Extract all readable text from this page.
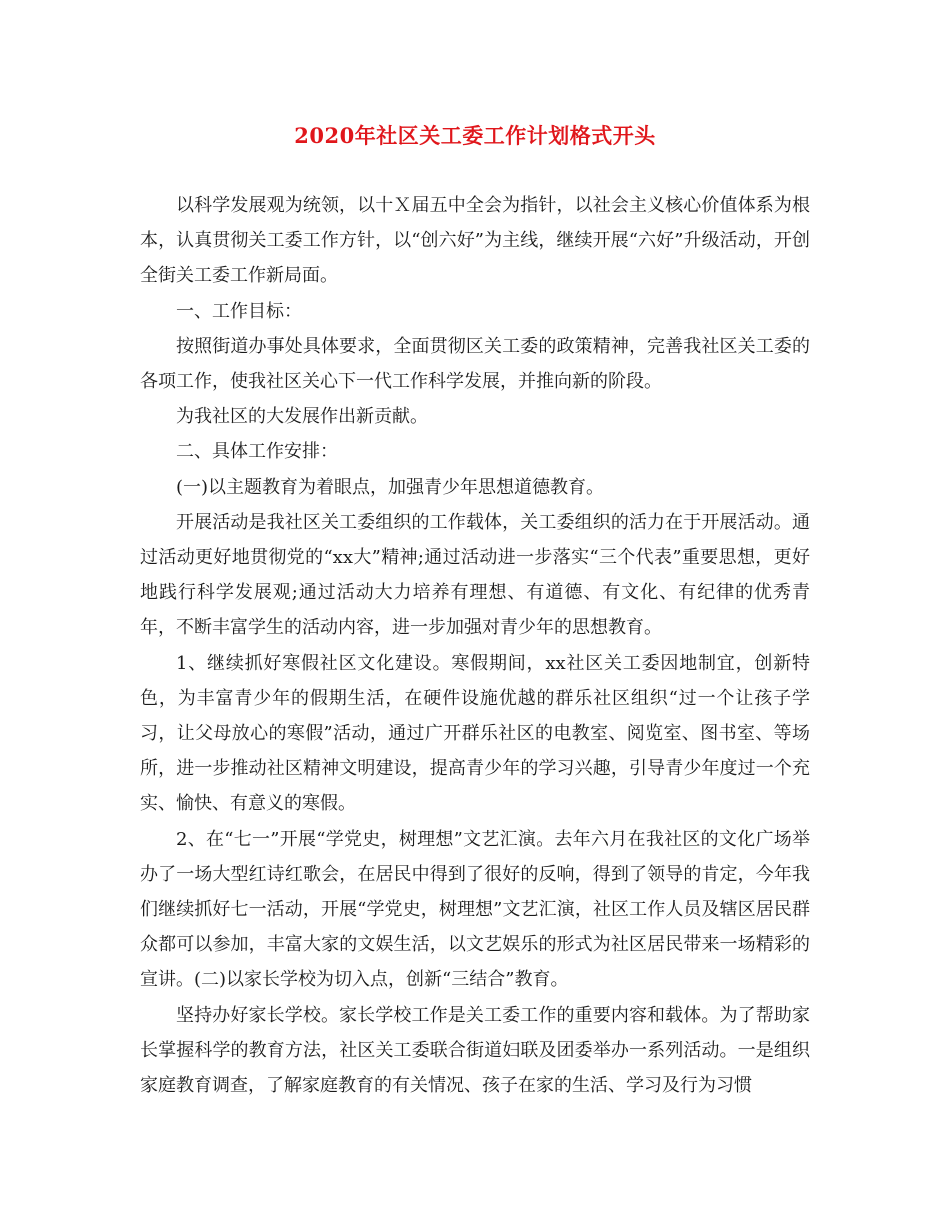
2020年社区关工委工作计划格式开头

以科学发展观为统领，以十Ｘ届五中全会为指针，以社会主义核心价值体系为根本，认真贯彻关工委工作方针，以“创六好”为主线，继续开展“六好”升级活动，开创全街关工委工作新局面。

一、工作目标：

按照街道办事处具体要求，全面贯彻区关工委的政策精神，完善我社区关工委的各项工作，使我社区关心下一代工作科学发展，并推向新的阶段。

为我社区的大发展作出新贡献。

二、具体工作安排：

(一)以主题教育为着眼点，加强青少年思想道德教育。

开展活动是我社区关工委组织的工作载体，关工委组织的活力在于开展活动。通过活动更好地贯彻党的“xx大”精神;通过活动进一步落实“三个代表”重要思想，更好地践行科学发展观;通过活动大力培养有理想、有道德、有文化、有纪律的优秀青年，不断丰富学生的活动内容，进一步加强对青少年的思想教育。

1、继续抓好寒假社区文化建设。寒假期间，xx社区关工委因地制宜，创新特色，为丰富青少年的假期生活，在硬件设施优越的群乐社区组织“过一个让孩子学习，让父母放心的寒假”活动，通过广开群乐社区的电教室、阅览室、图书室、等场所，进一步推动社区精神文明建设，提高青少年的学习兴趣，引导青少年度过一个充实、愉快、有意义的寒假。

2、在“七一”开展“学党史，树理想”文艺汇演。去年六月在我社区的文化广场举办了一场大型红诗红歌会，在居民中得到了很好的反响，得到了领导的肯定，今年我们继续抓好七一活动，开展“学党史，树理想”文艺汇演，社区工作人员及辖区居民群众都可以参加，丰富大家的文娱生活，以文艺娱乐的形式为社区居民带来一场精彩的宣讲。(二)以家长学校为切入点，创新“三结合”教育。

坚持办好家长学校。家长学校工作是关工委工作的重要内容和载体。为了帮助家长掌握科学的教育方法，社区关工委联合街道妇联及团委举办一系列活动。一是组织家庭教育调查，了解家庭教育的有关情况、孩子在家的生活、学习及行为习惯
